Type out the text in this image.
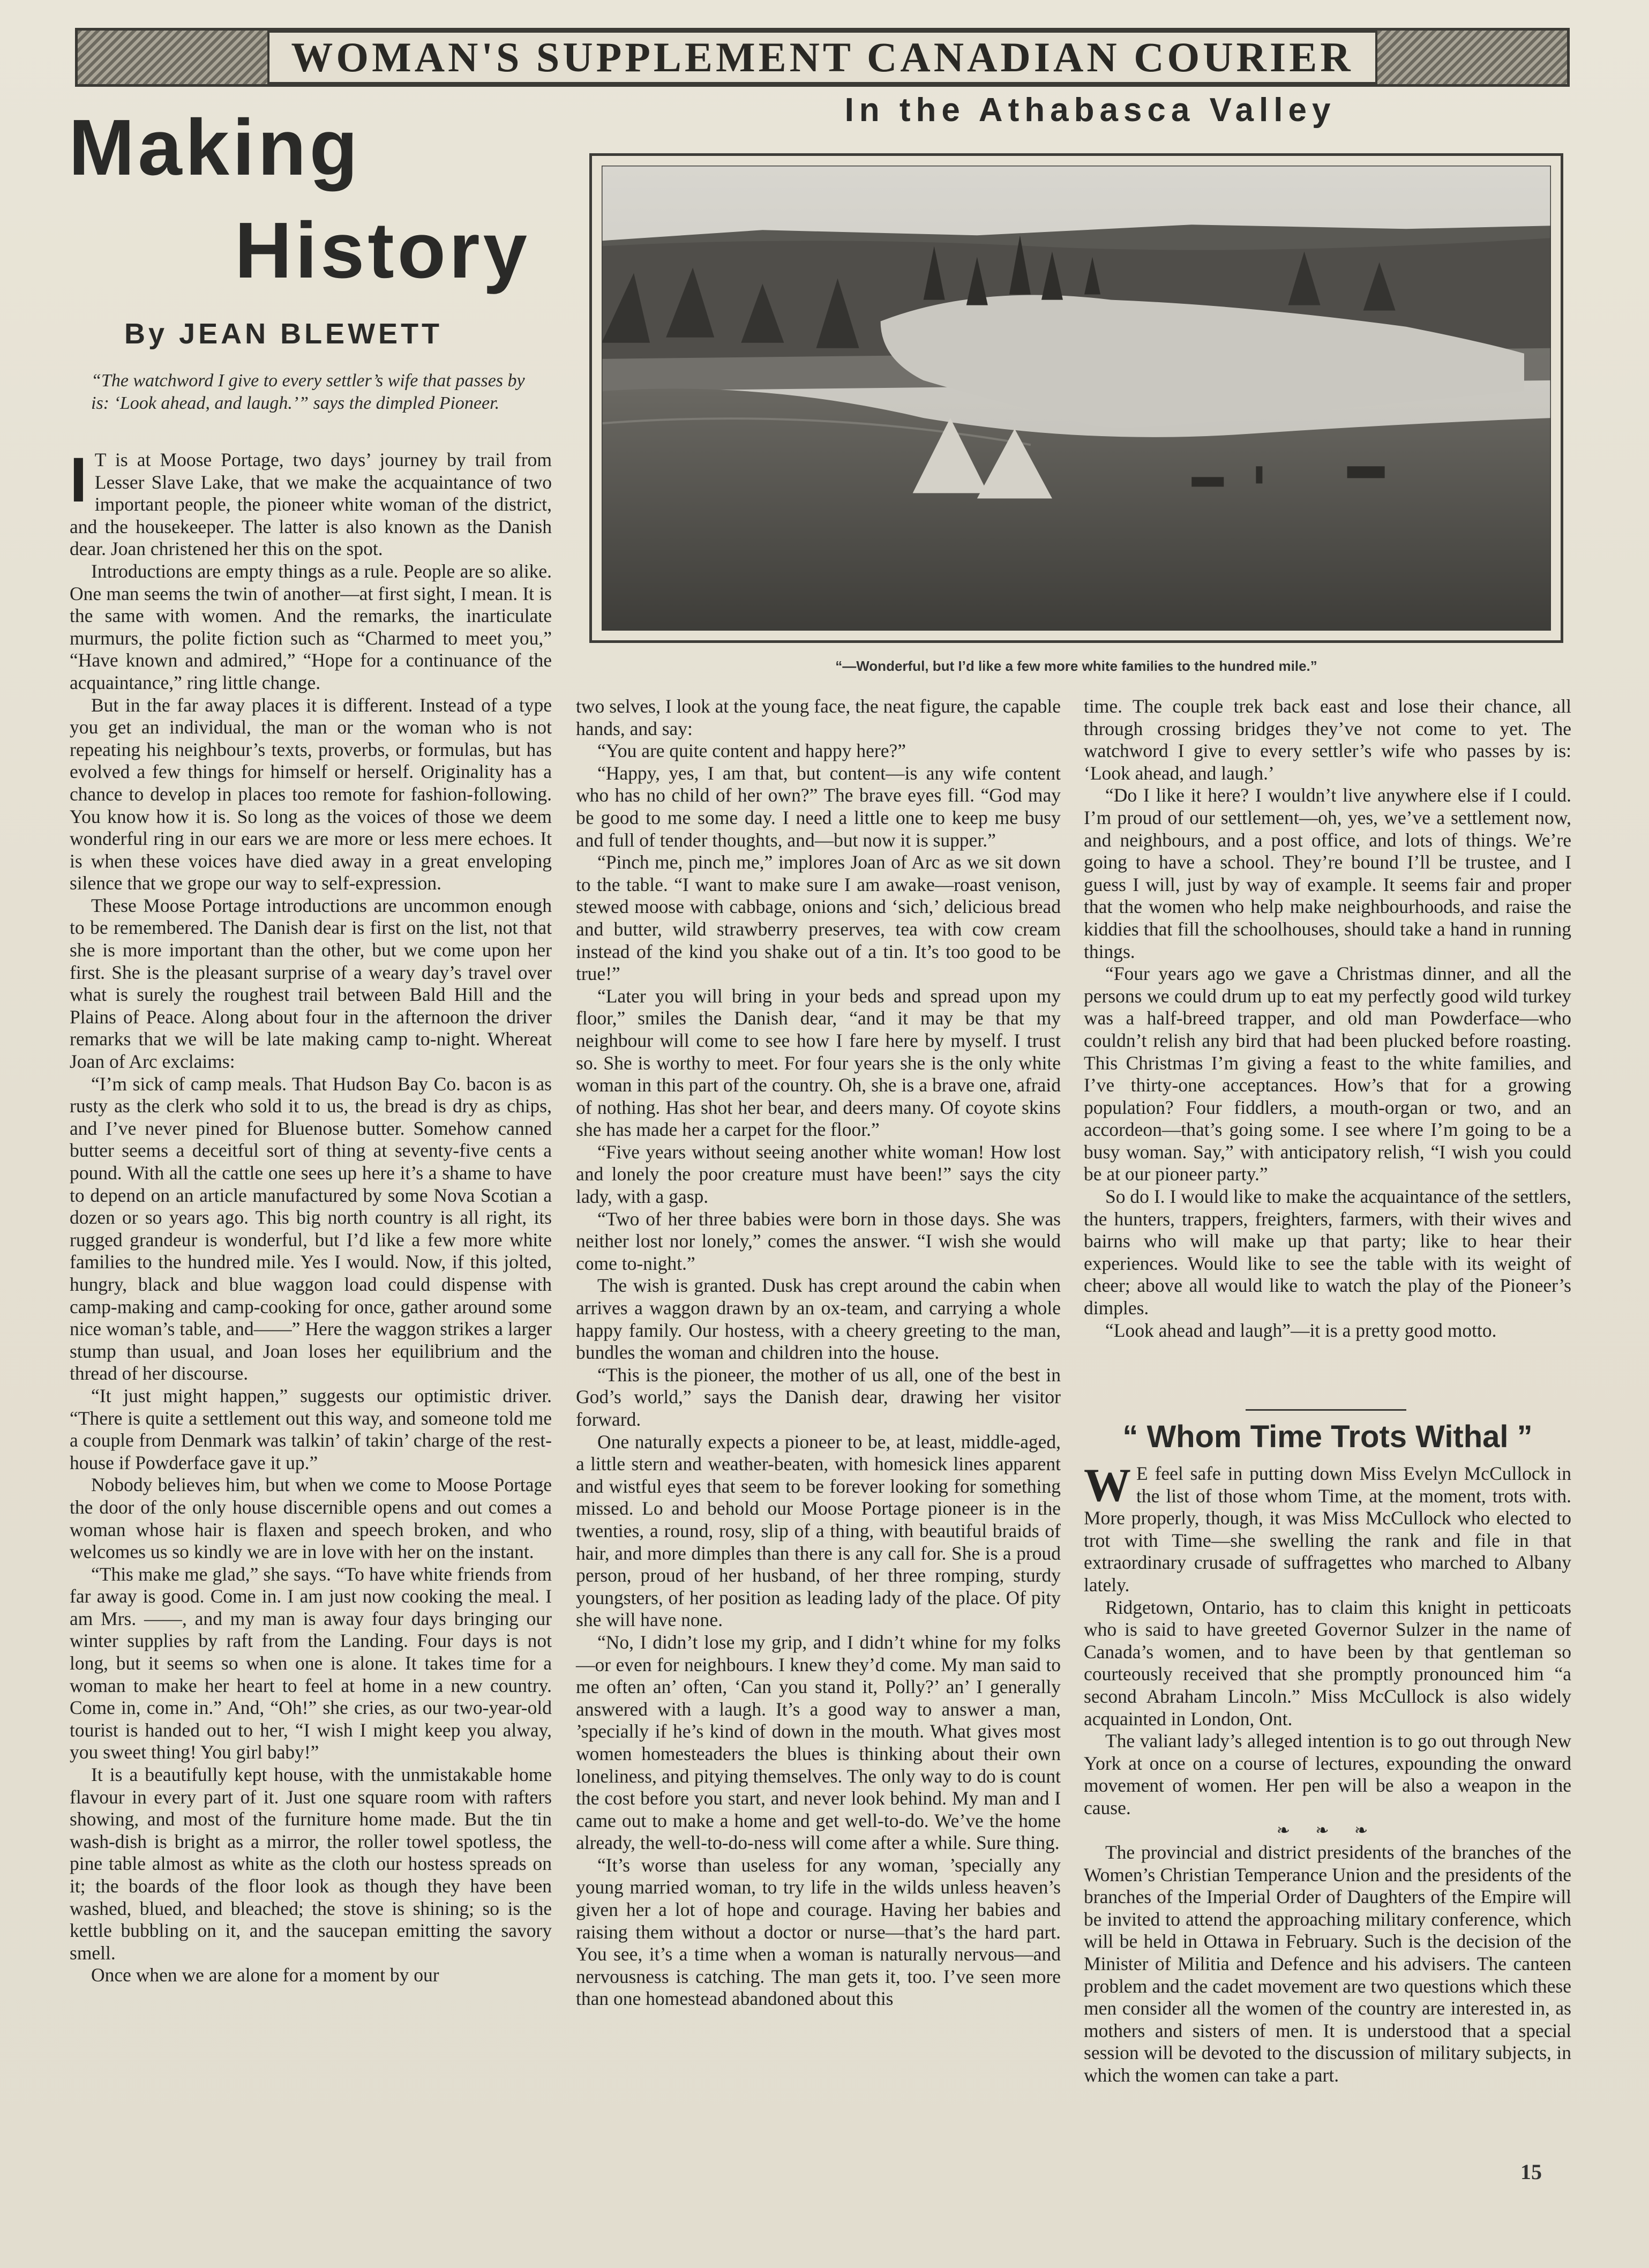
WOMAN'S SUPPLEMENT CANADIAN COURIER
In the Athabasca Valley
Making
History
By JEAN BLEWETT
“The watchword I give to every settler’s wife that passes by is: ‘Look ahead, and laugh.’” says the dimpled Pioneer.
“—Wonderful, but I’d like a few more white families to the hundred mile.”

I T is at Moose Portage, two days’ journey by trail from Lesser Slave Lake, that we make the acquaintance of two important people, the pioneer white woman of the district, and the housekeeper. The latter is also known as the Danish dear. Joan christened her this on the spot.

Introductions are empty things as a rule. People are so alike. One man seems the twin of another—at first sight, I mean. It is the same with women. And the remarks, the inarticulate murmurs, the polite fiction such as “Charmed to meet you,” “Have known and admired,” “Hope for a continuance of the acquaintance,” ring little change.

But in the far away places it is different. Instead of a type you get an individual, the man or the woman who is not repeating his neighbour’s texts, proverbs, or formulas, but has evolved a few things for himself or herself. Originality has a chance to develop in places too remote for fashion-following. You know how it is. So long as the voices of those we deem wonderful ring in our ears we are more or less mere echoes. It is when these voices have died away in a great enveloping silence that we grope our way to self-expression.

These Moose Portage introductions are uncommon enough to be remembered. The Danish dear is first on the list, not that she is more important than the other, but we come upon her first. She is the pleasant surprise of a weary day’s travel over what is surely the roughest trail between Bald Hill and the Plains of Peace. Along about four in the afternoon the driver remarks that we will be late making camp to-night. Whereat Joan of Arc exclaims:

“I’m sick of camp meals. That Hudson Bay Co. bacon is as rusty as the clerk who sold it to us, the bread is dry as chips, and I’ve never pined for Bluenose butter. Somehow canned butter seems a deceitful sort of thing at seventy-five cents a pound. With all the cattle one sees up here it’s a shame to have to depend on an article manufactured by some Nova Scotian a dozen or so years ago. This big north country is all right, its rugged grandeur is wonderful, but I’d like a few more white families to the hundred mile. Yes I would. Now, if this jolted, hungry, black and blue waggon load could dispense with camp-making and camp-cooking for once, gather around some nice woman’s table, and——” Here the waggon strikes a larger stump than usual, and Joan loses her equilibrium and the thread of her discourse.

“It just might happen,” suggests our optimistic driver. “There is quite a settlement out this way, and someone told me a couple from Denmark was talkin’ of takin’ charge of the rest-house if Powderface gave it up.”

Nobody believes him, but when we come to Moose Portage the door of the only house discernible opens and out comes a woman whose hair is flaxen and speech broken, and who welcomes us so kindly we are in love with her on the instant.

“This make me glad,” she says. “To have white friends from far away is good. Come in. I am just now cooking the meal. I am Mrs. ——, and my man is away four days bringing our winter supplies by raft from the Landing. Four days is not long, but it seems so when one is alone. It takes time for a woman to make her heart to feel at home in a new country. Come in, come in.” And, “Oh!” she cries, as our two-year-old tourist is handed out to her, “I wish I might keep you alway, you sweet thing! You girl baby!”

It is a beautifully kept house, with the unmistakable home flavour in every part of it. Just one square room with rafters showing, and most of the furniture home made. But the tin wash-dish is bright as a mirror, the roller towel spotless, the pine table almost as white as the cloth our hostess spreads on it; the boards of the floor look as though they have been washed, blued, and bleached; the stove is shining; so is the kettle bubbling on it, and the saucepan emitting the savory smell.

Once when we are alone for a moment by our

two selves, I look at the young face, the neat figure, the capable hands, and say:

“You are quite content and happy here?”

“Happy, yes, I am that, but content—is any wife content who has no child of her own?” The brave eyes fill. “God may be good to me some day. I need a little one to keep me busy and full of tender thoughts, and—but now it is supper.”

“Pinch me, pinch me,” implores Joan of Arc as we sit down to the table. “I want to make sure I am awake—roast venison, stewed moose with cabbage, onions and ‘sich,’ delicious bread and butter, wild strawberry preserves, tea with cow cream instead of the kind you shake out of a tin. It’s too good to be true!”

“Later you will bring in your beds and spread upon my floor,” smiles the Danish dear, “and it may be that my neighbour will come to see how I fare here by myself. I trust so. She is worthy to meet. For four years she is the only white woman in this part of the country. Oh, she is a brave one, afraid of nothing. Has shot her bear, and deers many. Of coyote skins she has made her a carpet for the floor.”

“Five years without seeing another white woman! How lost and lonely the poor creature must have been!” says the city lady, with a gasp.

“Two of her three babies were born in those days. She was neither lost nor lonely,” comes the answer. “I wish she would come to-night.”

The wish is granted. Dusk has crept around the cabin when arrives a waggon drawn by an ox-team, and carrying a whole happy family. Our hostess, with a cheery greeting to the man, bundles the woman and children into the house.

“This is the pioneer, the mother of us all, one of the best in God’s world,” says the Danish dear, drawing her visitor forward.

One naturally expects a pioneer to be, at least, middle-aged, a little stern and weather-beaten, with homesick lines apparent and wistful eyes that seem to be forever looking for something missed. Lo and behold our Moose Portage pioneer is in the twenties, a round, rosy, slip of a thing, with beautiful braids of hair, and more dimples than there is any call for. She is a proud person, proud of her husband, of her three romping, sturdy youngsters, of her position as leading lady of the place. Of pity she will have none.

“No, I didn’t lose my grip, and I didn’t whine for my folks—or even for neighbours. I knew they’d come. My man said to me often an’ often, ‘Can you stand it, Polly?’ an’ I generally answered with a laugh. It’s a good way to answer a man, ’specially if he’s kind of down in the mouth. What gives most women homesteaders the blues is thinking about their own loneliness, and pitying themselves. The only way to do is count the cost before you start, and never look behind. My man and I came out to make a home and get well-to-do. We’ve the home already, the well-to-do-ness will come after a while. Sure thing.

“It’s worse than useless for any woman, ’specially any young married woman, to try life in the wilds unless heaven’s given her a lot of hope and courage. Having her babies and raising them without a doctor or nurse—that’s the hard part. You see, it’s a time when a woman is naturally nervous—and nervousness is catching. The man gets it, too. I’ve seen more than one homestead abandoned about this

time. The couple trek back east and lose their chance, all through crossing bridges they’ve not come to yet. The watchword I give to every settler’s wife who passes by is: ‘Look ahead, and laugh.’

“Do I like it here? I wouldn’t live anywhere else if I could. I’m proud of our settlement—oh, yes, we’ve a settlement now, and neighbours, and a post office, and lots of things. We’re going to have a school. They’re bound I’ll be trustee, and I guess I will, just by way of example. It seems fair and proper that the women who help make neighbourhoods, and raise the kiddies that fill the schoolhouses, should take a hand in running things.

“Four years ago we gave a Christmas dinner, and all the persons we could drum up to eat my perfectly good wild turkey was a half-breed trapper, and old man Powderface—who couldn’t relish any bird that had been plucked before roasting. This Christmas I’m giving a feast to the white families, and I’ve thirty-one acceptances. How’s that for a growing population? Four fiddlers, a mouth-organ or two, and an accordeon—that’s going some. I see where I’m going to be a busy woman. Say,” with anticipatory relish, “I wish you could be at our pioneer party.”

So do I. I would like to make the acquaintance of the settlers, the hunters, trappers, freighters, farmers, with their wives and bairns who will make up that party; like to hear their experiences. Would like to see the table with its weight of cheer; above all would like to watch the play of the Pioneer’s dimples.

“Look ahead and laugh”—it is a pretty good motto.

“ Whom Time Trots Withal ”

W E feel safe in putting down Miss Evelyn McCullock in the list of those whom Time, at the moment, trots with. More properly, though, it was Miss McCullock who elected to trot with Time—she swelling the rank and file in that extraordinary crusade of suffragettes who marched to Albany lately.

Ridgetown, Ontario, has to claim this knight in petticoats who is said to have greeted Governor Sulzer in the name of Canada’s women, and to have been by that gentleman so courteously received that she promptly pronounced him “a second Abraham Lincoln.” Miss McCullock is also widely acquainted in London, Ont.

The valiant lady’s alleged intention is to go out through New York at once on a course of lectures, expounding the onward movement of women. Her pen will be also a weapon in the cause.

❧ ❧ ❧

The provincial and district presidents of the branches of the Women’s Christian Temperance Union and the presidents of the branches of the Imperial Order of Daughters of the Empire will be invited to attend the approaching military conference, which will be held in Ottawa in February. Such is the decision of the Minister of Militia and Defence and his advisers. The canteen problem and the cadet movement are two questions which these men consider all the women of the country are interested in, as mothers and sisters of men. It is understood that a special session will be devoted to the discussion of military subjects, in which the women can take a part.

15
